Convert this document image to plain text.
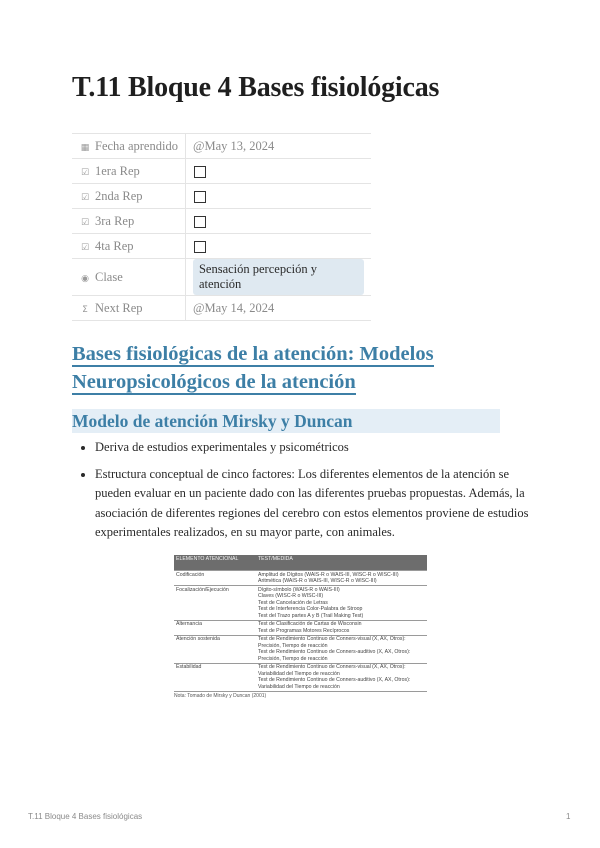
T.11 Bloque 4 Bases fisiológicas
▦ Fecha aprendido	@May 13, 2024
☑ 1era Rep	
☑ 2nda Rep	
☑ 3ra Rep	
☑ 4ta Rep	
◉ Clase	Sensación percepción y atención
Σ Next Rep	@May 14, 2024
Bases fisiológicas de la atención: Modelos Neuropsicológicos de la atención
Modelo de atención Mirsky y Duncan
• Deriva de estudios experimentales y psicométricos
• Estructura conceptual de cinco factores: Los diferentes elementos de la atención se pueden evaluar en un paciente dado con las diferentes pruebas propuestas. Además, la asociación de diferentes regiones del cerebro con estos elementos proviene de estudios experimentales realizados, en su mayor parte, con animales.
ELEMENTO ATENCIONAL	TEST/MEDIDA
Codificación	Amplitud de Dígitos (WAIS-R o WAIS-III, WISC-R o WISC-III)
Aritmética (WAIS-R o WAIS-III, WISC-R o WISC-III)

Focalización/Ejecución	Dígito-símbolo (WAIS-R o WAIS-III)
Claves (WISC-R o WISC-III)
Test de Cancelación de Letras
Test de Interferencia Color-Palabra de Stroop
Test del Trazo partes A y B (Trail Making Test)

Alternancia	Test de Clasificación de Cartas de Wisconsin
Test de Programas Motores Recíprocos

Atención sostenida	Test de Rendimiento Continuo de Conners-visual (X, AX, Otros): Precisión, Tiempo de reacción
Test de Rendimiento Continuo de Conners-auditivo (X, AX, Otros): Precisión, Tiempo de reacción

Estabilidad	Test de Rendimiento Continuo de Conners-visual (X, AX, Otros): Variabilidad del Tiempo de reacción
Test de Rendimiento Continuo de Conners-auditivo (X, AX, Otros): Variabilidad del Tiempo de reacción
Nota: Tomado de Mirsky y Duncan (2001)
T.11 Bloque 4 Bases fisiológicas	1
